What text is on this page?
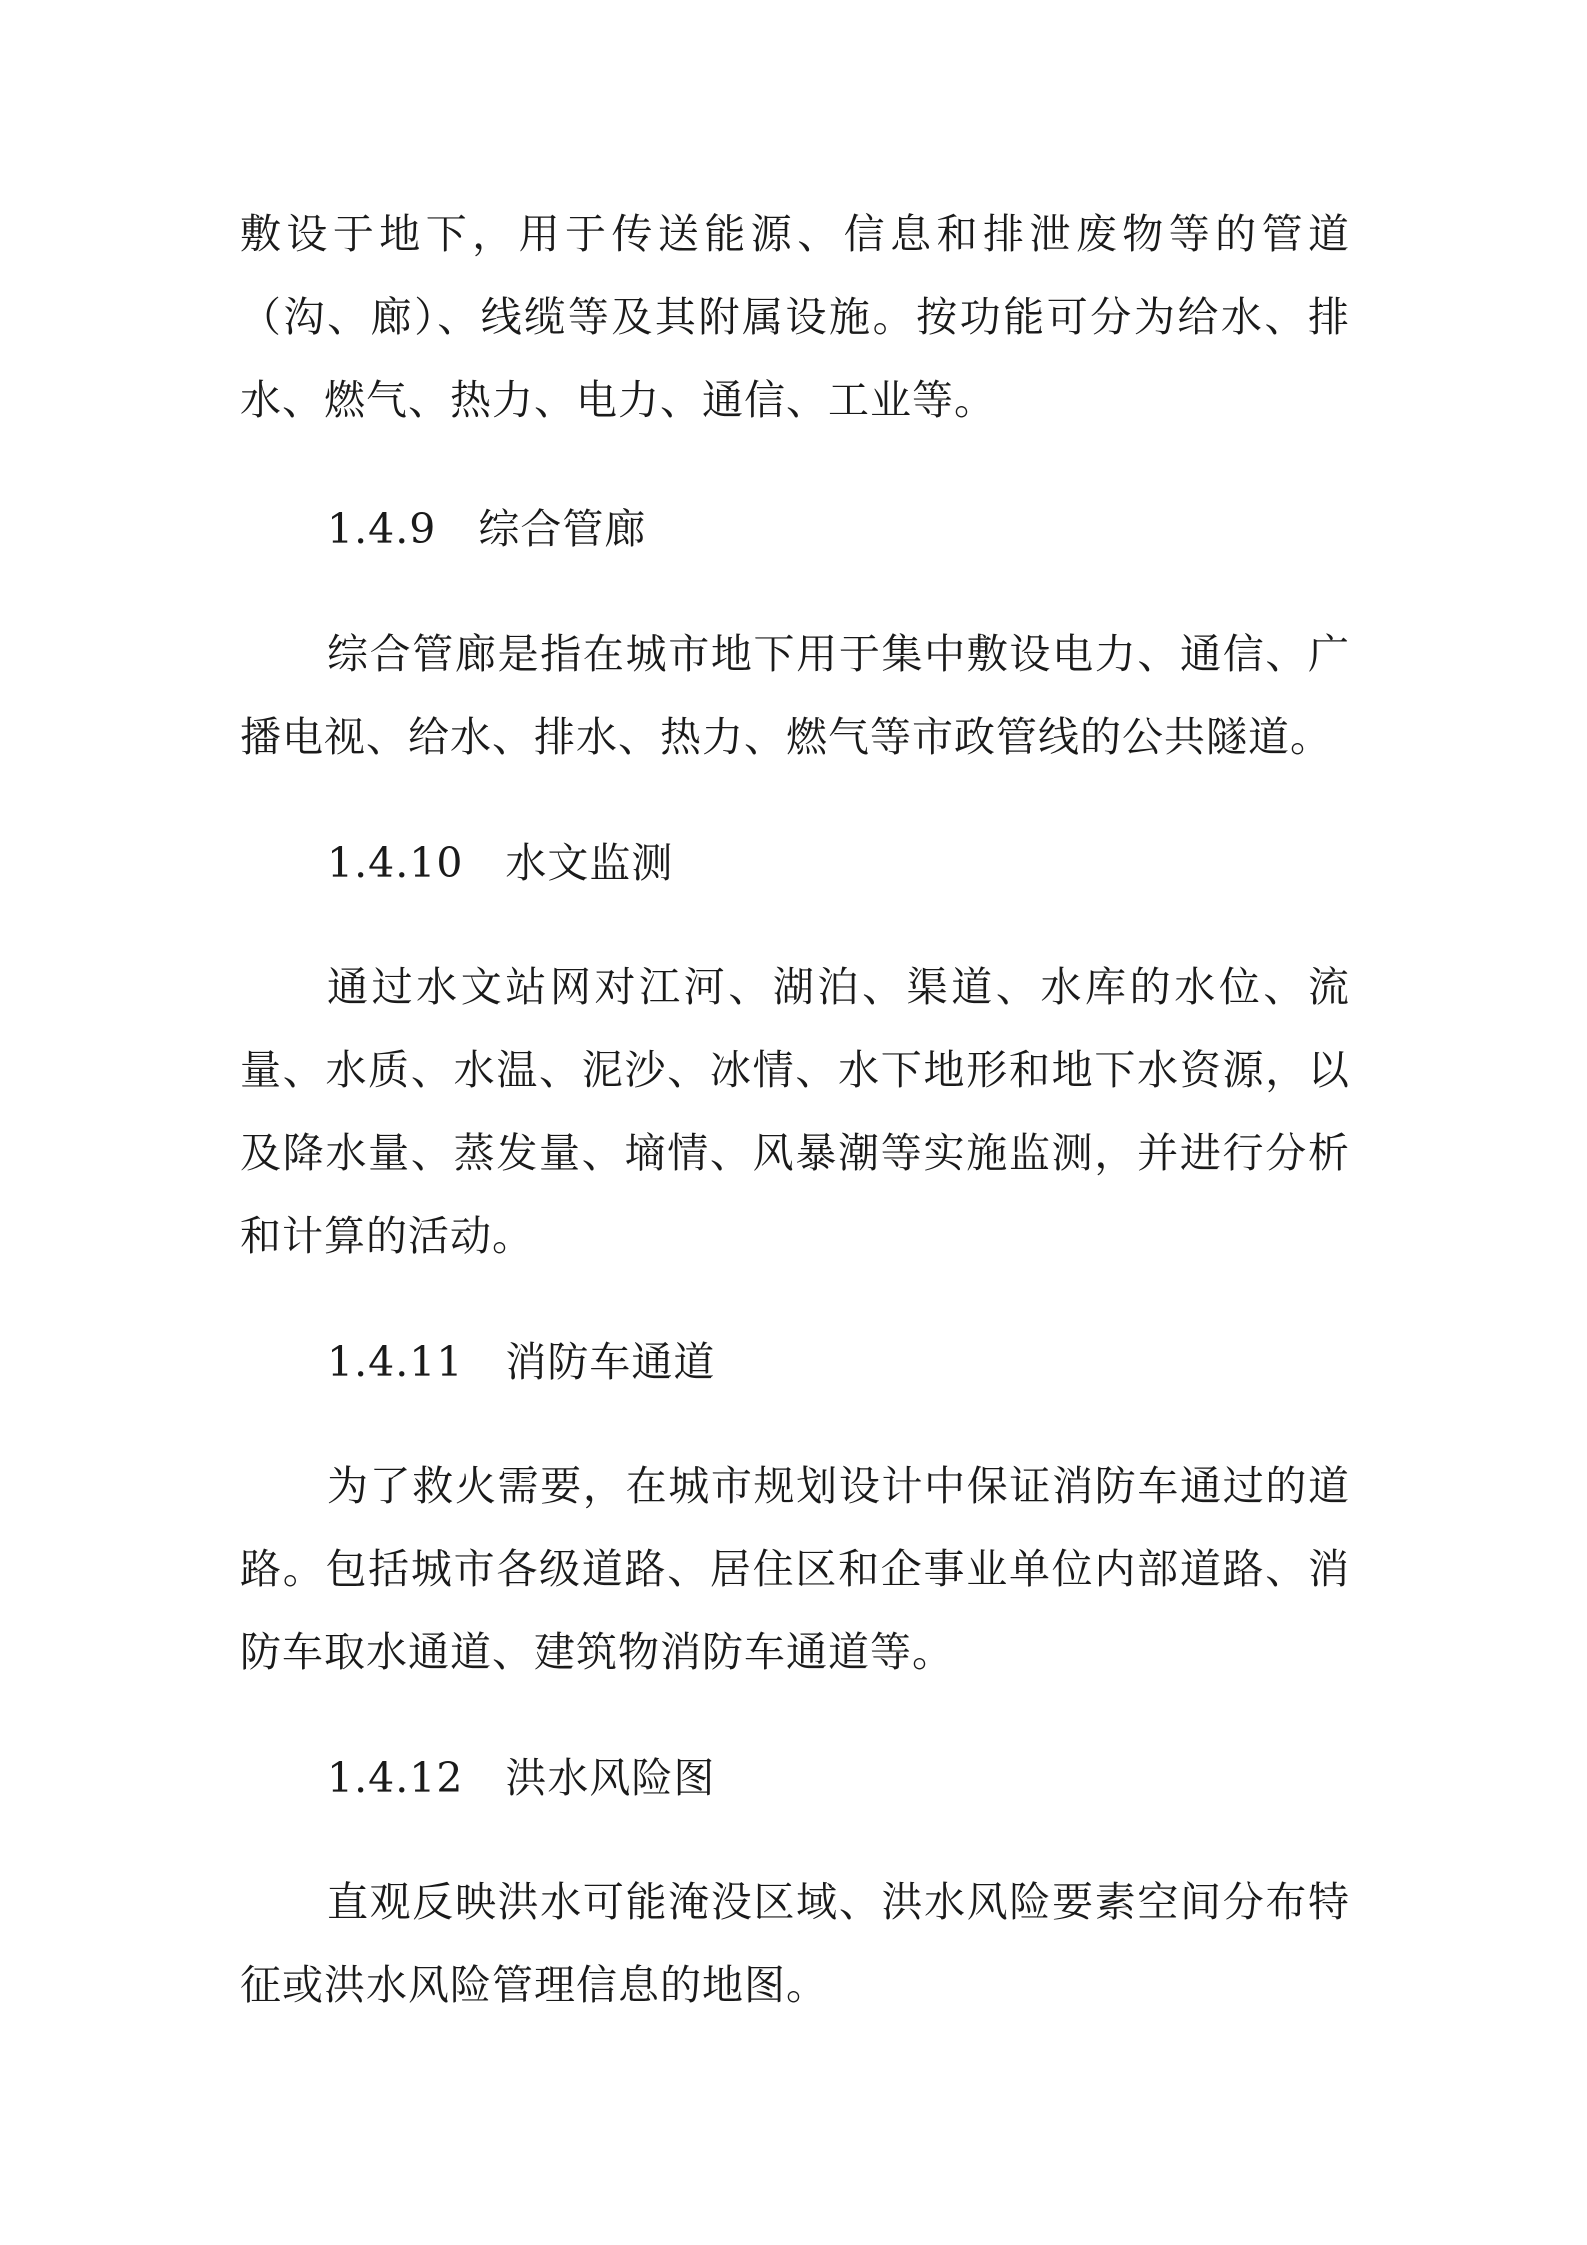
敷设于地下，用于传送能源、信息和排泄废物等的管道（沟、廊）、线缆等及其附属设施。按功能可分为给水、排水、燃气、热力、电力、通信、工业等。

1.4.9　综合管廊

综合管廊是指在城市地下用于集中敷设电力、通信、广播电视、给水、排水、热力、燃气等市政管线的公共隧道。

1.4.10　水文监测

通过水文站网对江河、湖泊、渠道、水库的水位、流量、水质、水温、泥沙、冰情、水下地形和地下水资源，以及降水量、蒸发量、墒情、风暴潮等实施监测，并进行分析和计算的活动。

1.4.11　消防车通道

为了救火需要，在城市规划设计中保证消防车通过的道路。包括城市各级道路、居住区和企事业单位内部道路、消防车取水通道、建筑物消防车通道等。

1.4.12　洪水风险图

直观反映洪水可能淹没区域、洪水风险要素空间分布特征或洪水风险管理信息的地图。
